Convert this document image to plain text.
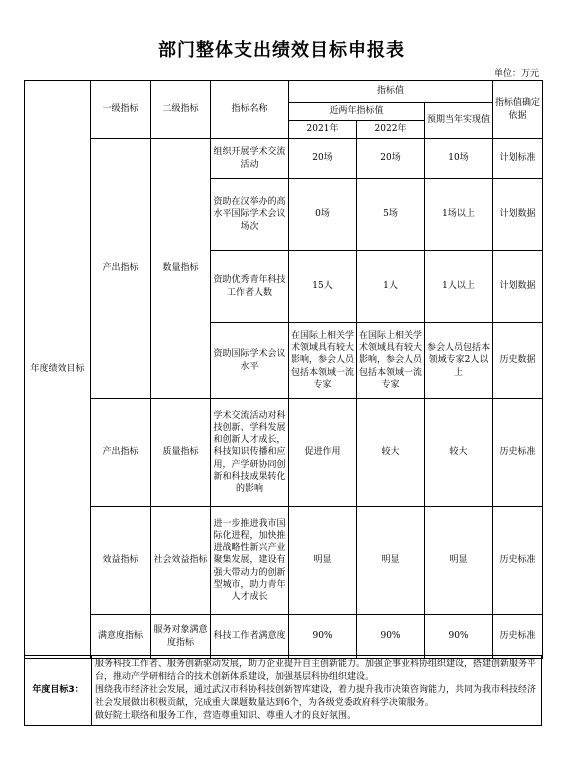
部门整体支出绩效目标申报表
单位：万元
年度绩效目标	一级指标	二级指标	指标名称	指标值			指标值确定依据
				近两年指标值		预期当年实现值	
				2021年	2022年		
	产出指标	数量指标	组织开展学术交流活动	20场	20场	10场	计划标准
			资助在汉举办的高水平国际学术会议场次	0场	5场	1场以上	计划数据
			资助优秀青年科技工作者人数	15人	1人	1人以上	计划数据
			资助国际学术会议水平	在国际上相关学术领域具有较大影响，参会人员包括本领域一流专家	在国际上相关学术领域具有较大影响，参会人员包括本领域一流专家	参会人员包括本领域专家2人以上	历史数据
	产出指标	质量指标	学术交流活动对科技创新、学科发展和创新人才成长，科技知识传播和应用，产学研协同创新和科技成果转化的影响	促进作用	较大	较大	历史标准
	效益指标	社会效益指标	进一步推进我市国际化进程，加快推进战略性新兴产业聚集发展，建设有强大带动力的创新型城市，助力青年人才成长	明显	明显	明显	历史标准
	满意度指标	服务对象满意度指标	科技工作者满意度	90%	90%	90%	历史标准
年度目标3：	
服务科技工作者、服务创新驱动发展，助力企业提升自主创新能力。加强企事业科协组织建设，搭建创新服务平台，推动产学研相结合的技术创新体系建设，加强基层科协组织建设。
围绕我市经济社会发展，通过武汉市科协科技创新智库建设，着力提升我市决策咨询能力，共同为我市科技经济社会发展做出积极贡献，完成重大课题数量达到6个，为各级党委政府科学决策服务。
做好院士联络和服务工作，营造尊重知识、尊重人才的良好氛围。
